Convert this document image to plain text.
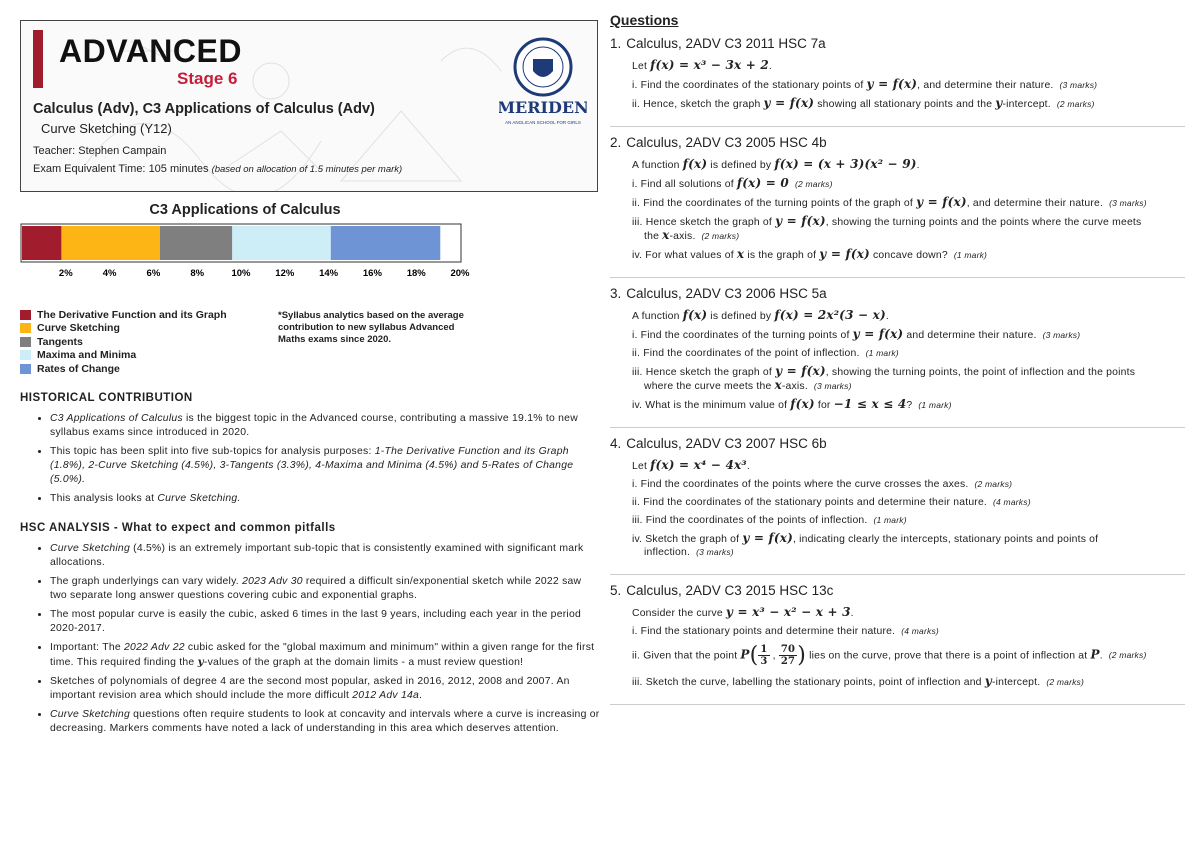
ADVANCED
Stage 6
Calculus (Adv), C3 Applications of Calculus (Adv)
Curve Sketching (Y12)
Teacher: Stephen Campain
Exam Equivalent Time: 105 minutes (based on allocation of 1.5 minutes per mark)
MERIDEN
AN ANGLICAN SCHOOL FOR GIRLS
C3 Applications of Calculus
2%	4%	6%	8%	10%	12%	14%	16%	18%	20%
The Derivative Function and its Graph
Curve Sketching
Tangents
Maxima and Minima
Rates of Change
*Syllabus analytics based on the average contribution to new syllabus Advanced Maths exams since 2020.
HISTORICAL CONTRIBUTION
• C3 Applications of Calculus is the biggest topic in the Advanced course, contributing a massive 19.1% to new syllabus exams since introduced in 2020.
• This topic has been split into five sub-topics for analysis purposes: 1-The Derivative Function and its Graph (1.8%), 2-Curve Sketching (4.5%), 3-Tangents (3.3%), 4-Maxima and Minima (4.5%) and 5-Rates of Change (5.0%).
• This analysis looks at Curve Sketching.
HSC ANALYSIS - What to expect and common pitfalls
• Curve Sketching (4.5%) is an extremely important sub-topic that is consistently examined with significant mark allocations.
• The graph underlyings can vary widely. 2023 Adv 30 required a difficult sin/exponential sketch while 2022 saw two separate long answer questions covering cubic and exponential graphs.
• The most popular curve is easily the cubic, asked 6 times in the last 9 years, including each year in the period 2020-2017.
• Important: The 2022 Adv 22 cubic asked for the "global maximum and minimum" within a given range for the first time. This required finding the y-values of the graph at the domain limits - a must review question!
• Sketches of polynomials of degree 4 are the second most popular, asked in 2016, 2012, 2008 and 2007. An important revision area which should include the more difficult 2012 Adv 14a.
• Curve Sketching questions often require students to look at concavity and intervals where a curve is increasing or decreasing. Markers comments have noted a lack of understanding in this area which deserves attention.
Questions
1. Calculus, 2ADV C3 2011 HSC 7a
Let f(x) = x³ − 3x + 2.
i. Find the coordinates of the stationary points of y = f(x), and determine their nature. (3 marks)
ii. Hence, sketch the graph y = f(x) showing all stationary points and the y-intercept. (2 marks)
2. Calculus, 2ADV C3 2005 HSC 4b
A function f(x) is defined by f(x) = (x + 3)(x² − 9).
i. Find all solutions of f(x) = 0 (2 marks)
ii. Find the coordinates of the turning points of the graph of y = f(x), and determine their nature. (3 marks)
iii. Hence sketch the graph of y = f(x), showing the turning points and the points where the curve meets
the x-axis. (2 marks)
iv. For what values of x is the graph of y = f(x) concave down? (1 mark)
3. Calculus, 2ADV C3 2006 HSC 5a
A function f(x) is defined by f(x) = 2x²(3 − x).
i. Find the coordinates of the turning points of y = f(x) and determine their nature. (3 marks)
ii. Find the coordinates of the point of inflection. (1 mark)
iii. Hence sketch the graph of y = f(x), showing the turning points, the point of inflection and the points
where the curve meets the x-axis. (3 marks)
iv. What is the minimum value of f(x) for −1 ≤ x ≤ 4? (1 mark)
4. Calculus, 2ADV C3 2007 HSC 6b
Let f(x) = x⁴ − 4x³.
i. Find the coordinates of the points where the curve crosses the axes. (2 marks)
ii. Find the coordinates of the stationary points and determine their nature. (4 marks)
iii. Find the coordinates of the points of inflection. (1 mark)
iv. Sketch the graph of y = f(x), indicating clearly the intercepts, stationary points and points of
inflection. (3 marks)
5. Calculus, 2ADV C3 2015 HSC 13c
Consider the curve y = x³ − x² − x + 3.
i. Find the stationary points and determine their nature. (4 marks)
ii. Given that the point $P( \frac{1}{3}$ , $\frac{70}{27}$) lies on the curve, prove that there is a point of inflection at P. (2 marks)
iii. Sketch the curve, labelling the stationary points, point of inflection and y-intercept. (2 marks)
